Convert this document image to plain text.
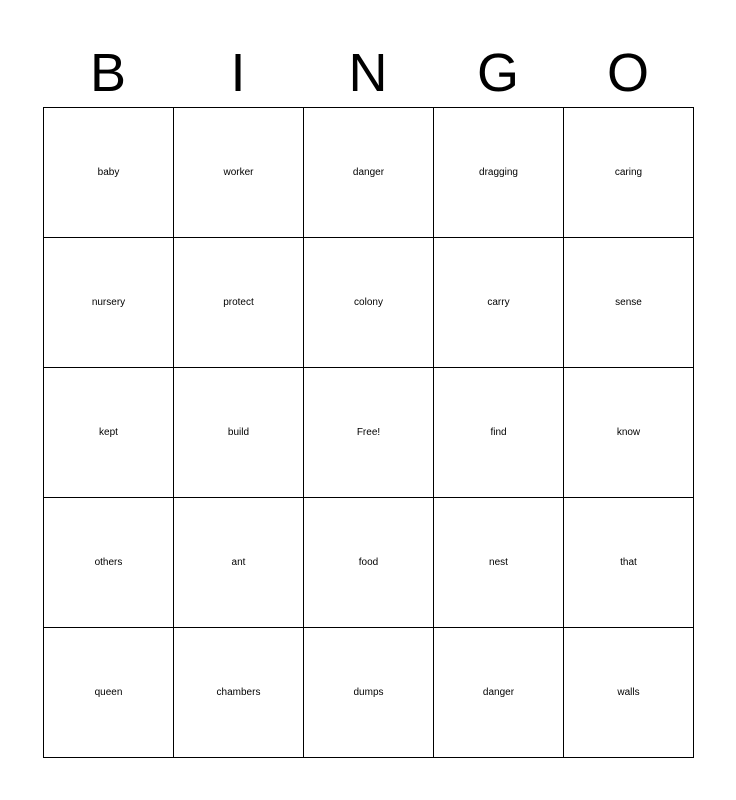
B	I	N	G	O
baby	worker	danger	dragging	caring
nursery	protect	colony	carry	sense
kept	build	Free!	find	know
others	ant	food	nest	that
queen	chambers	dumps	danger	walls
